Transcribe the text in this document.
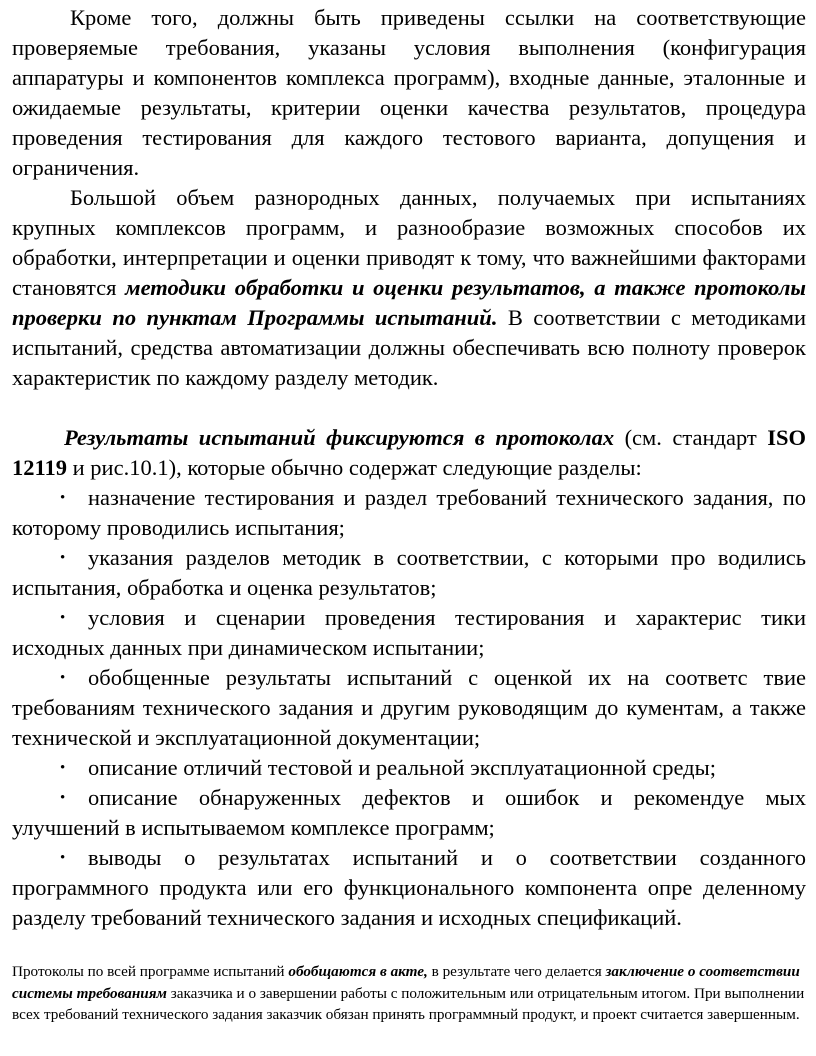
Кроме того, должны быть приведены ссылки на соответствующие проверяемые требования, указаны условия выполнения (конфигурация аппаратуры и компонентов комплекса программ), входные данные, эталонные и ожидаемые результаты, критерии оценки качества результатов, процедура проведения тестирования для каждого тестового варианта, допущения и ограничения.

Большой объем разнородных данных, получаемых при испытаниях крупных комплексов программ, и разнообразие возможных способов их обработки, интерпретации и оценки приводят к тому, что важнейшими факторами становятся методики обработки и оценки результатов, а также протоколы проверки по пунктам Программы испытаний. В соответствии с методиками испытаний, средства автоматизации должны обеспечивать всю полноту проверок характеристик по каждому разделу методик.

Результаты испытаний фиксируются в протоколах (см. стандарт ISO 12119 и рис.10.1), которые обычно содержат следующие разделы:

• назначение тестирования и раздел требований технического задания, по которому проводились испытания;

• указания разделов методик в соответствии, с которыми про водились испытания, обработка и оценка результатов;

• условия и сценарии проведения тестирования и характерис тики исходных данных при динамическом испытании;

• обобщенные результаты испытаний с оценкой их на соответс твие требованиям технического задания и другим руководящим до кументам, а также технической и эксплуатационной документации;

• описание отличий тестовой и реальной эксплуатационной среды;

• описание обнаруженных дефектов и ошибок и рекомендуе мых улучшений в испытываемом комплексе программ;

• выводы о результатах испытаний и о соответствии созданного программного продукта или его функционального компонента опре деленному разделу требований технического задания и исходных спецификаций.

Протоколы по всей программе испытаний обобщаются в акте, в результате чего делается заключение о соответствии системы требованиям заказчика и о завершении работы с положительным или отрицательным итогом. При выполнении всех требований технического задания заказчик обязан принять программный продукт, и проект считается завершенным.
